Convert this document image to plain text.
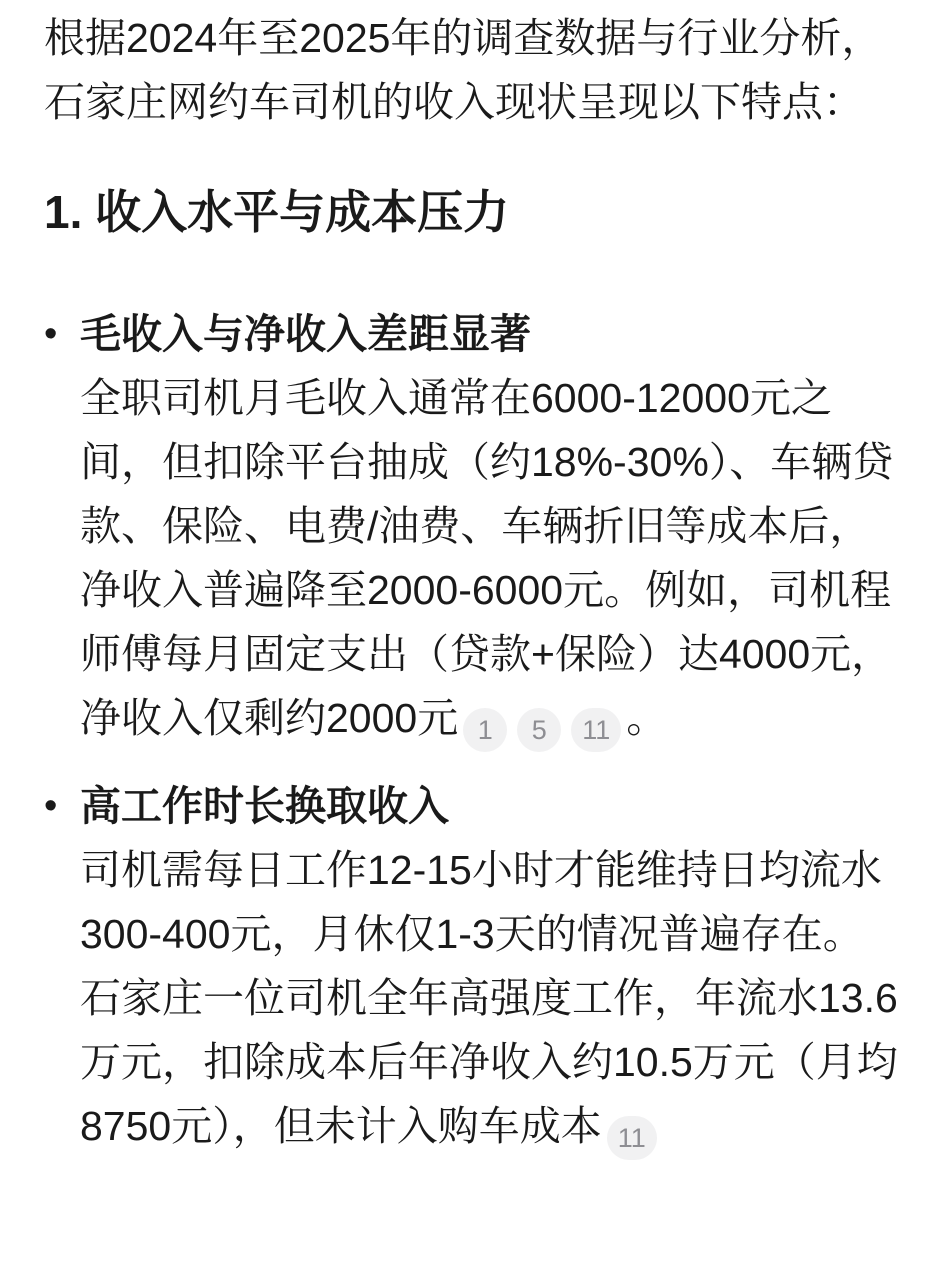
根据2024年至2025年的调查数据与行业分析，石家庄网约车司机的收入现状呈现以下特点：

1. 收入水平与成本压力
• 毛收入与净收入差距显著
全职司机月毛收入通常在6000-12000元之间，但扣除平台抽成（约18%-30%）、车辆贷款、保险、电费/油费、车辆折旧等成本后，净收入普遍降至2000-6000元。例如，司机程师傅每月固定支出（贷款+保险）达4000元，净收入仅剩约2000元 1 5 11 。
• 高工作时长换取收入
司机需每日工作12-15小时才能维持日均流水300-400元，月休仅1-3天的情况普遍存在。石家庄一位司机全年高强度工作，年流水13.6万元，扣除成本后年净收入约10.5万元（月均8750元），但未计入购车成本 11
